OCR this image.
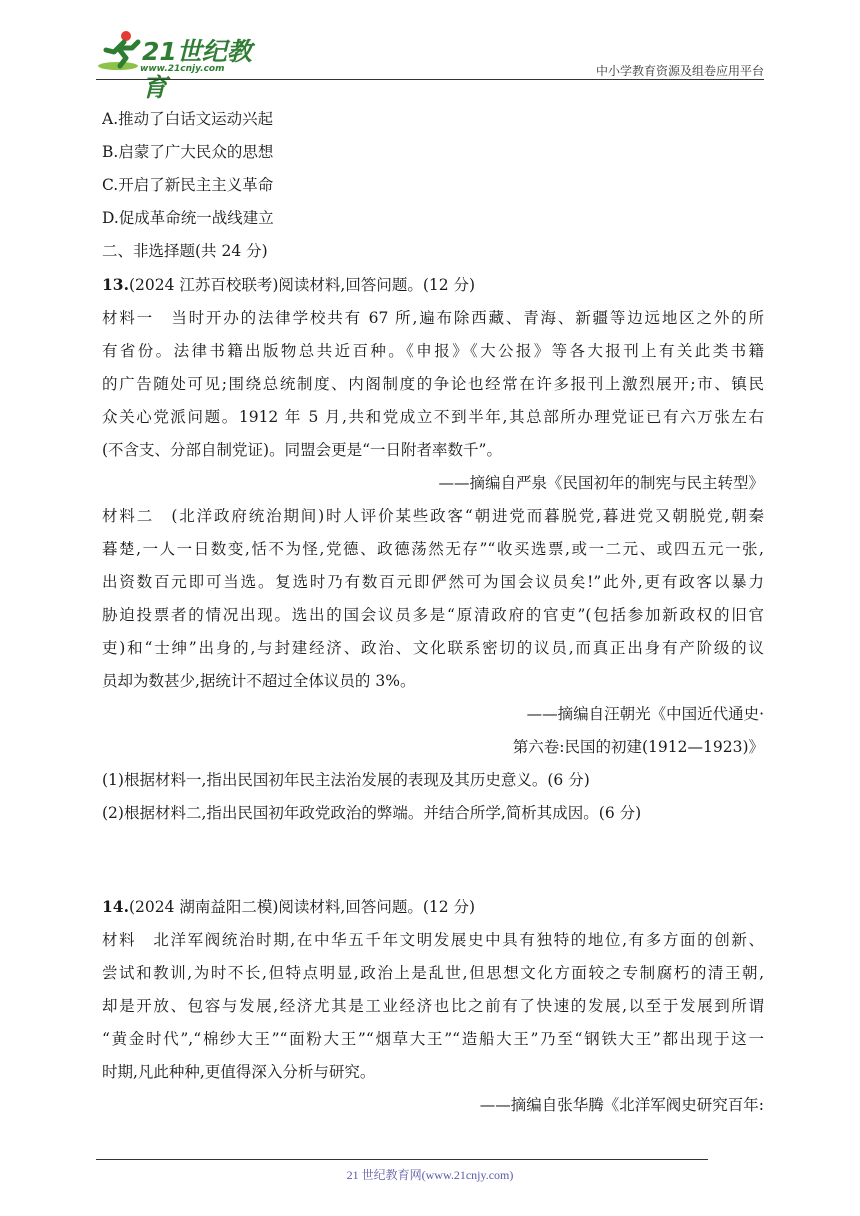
21世纪教育
www.21cnjy.com	中小学教育资源及组卷应用平台
A.推动了白话文运动兴起
B.启蒙了广大民众的思想
C.开启了新民主主义革命
D.促成革命统一战线建立
二、非选择题(共 24 分)
13.(2024 江苏百校联考)阅读材料,回答问题。(12 分)
材料一　当时开办的法律学校共有 67 所,遍布除西藏、青海、新疆等边远地区之外的所
有省份。法律书籍出版物总共近百种。《申报》《大公报》等各大报刊上有关此类书籍
的广告随处可见;围绕总统制度、内阁制度的争论也经常在许多报刊上激烈展开;市、镇民
众关心党派问题。1912 年 5 月,共和党成立不到半年,其总部所办理党证已有六万张左右
(不含支、分部自制党证)。同盟会更是“一日附者率数千”。
——摘编自严泉《民国初年的制宪与民主转型》
材料二　(北洋政府统治期间)时人评价某些政客“朝进党而暮脱党,暮进党又朝脱党,朝秦
暮楚,一人一日数变,恬不为怪,党德、政德荡然无存”“收买选票,或一二元、或四五元一张,
出资数百元即可当选。复选时乃有数百元即俨然可为国会议员矣!”此外,更有政客以暴力
胁迫投票者的情况出现。选出的国会议员多是“原清政府的官吏”(包括参加新政权的旧官
吏)和“士绅”出身的,与封建经济、政治、文化联系密切的议员,而真正出身有产阶级的议
员却为数甚少,据统计不超过全体议员的 3%。
——摘编自汪朝光《中国近代通史·
第六卷:民国的初建(1912—1923)》
(1)根据材料一,指出民国初年民主法治发展的表现及其历史意义。(6 分)
(2)根据材料二,指出民国初年政党政治的弊端。并结合所学,简析其成因。(6 分)
14.(2024 湖南益阳二模)阅读材料,回答问题。(12 分)
材料　北洋军阀统治时期,在中华五千年文明发展史中具有独特的地位,有多方面的创新、
尝试和教训,为时不长,但特点明显,政治上是乱世,但思想文化方面较之专制腐朽的清王朝,
却是开放、包容与发展,经济尤其是工业经济也比之前有了快速的发展,以至于发展到所谓
“黄金时代”,“棉纱大王”“面粉大王”“烟草大王”“造船大王”乃至“钢铁大王”都出现于这一
时期,凡此种种,更值得深入分析与研究。
——摘编自张华腾《北洋军阀史研究百年:
21 世纪教育网(www.21cnjy.com)
